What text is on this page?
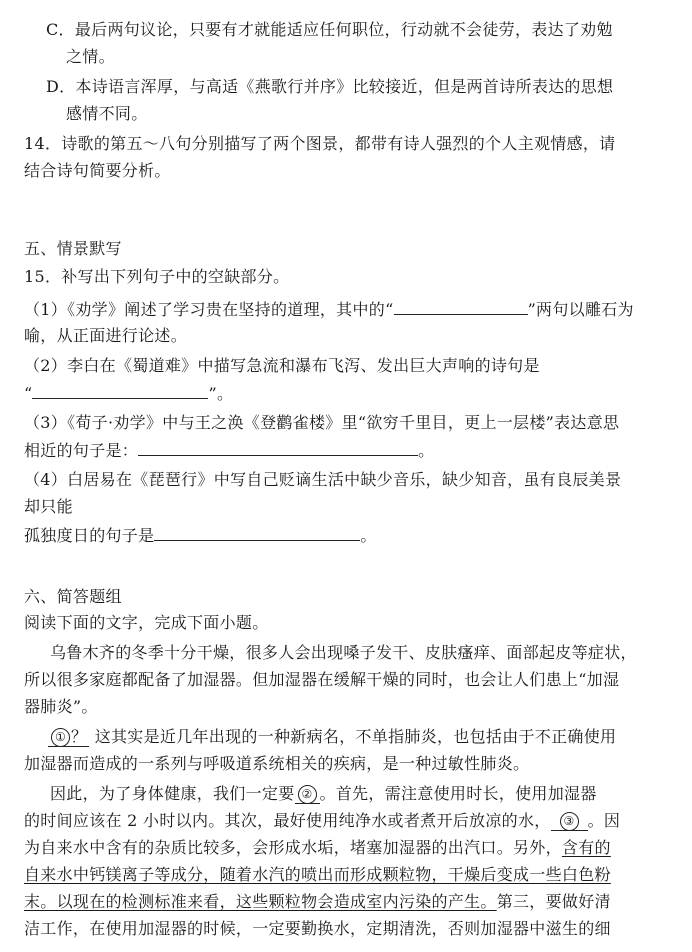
C．最后两句议论，只要有才就能适应任何职位，行动就不会徒劳，表达了劝勉
之情。
D．本诗语言浑厚，与高适《燕歌行并序》比较接近，但是两首诗所表达的思想
感情不同。
14．诗歌的第五～八句分别描写了两个图景，都带有诗人强烈的个人主观情感，请
结合诗句简要分析。
五、情景默写
15．补写出下列句子中的空缺部分。
（1）《劝学》阐述了学习贵在坚持的道理，其中的“	”两句以雕石为
喻，从正面进行论述。
（2）李白在《蜀道难》中描写急流和瀑布飞泻、发出巨大声响的诗句是
“	”。
（3）《荀子·劝学》中与王之涣《登鹳雀楼》里“欲穷千里目，更上一层楼”表达意思
相近的句子是：	。
（4）白居易在《琵琶行》中写自己贬谪生活中缺少音乐，缺少知音，虽有良辰美景
却只能
孤独度日的句子是	。
六、简答题组
阅读下面的文字，完成下面小题。
乌鲁木齐的冬季十分干燥，很多人会出现嗓子发干、皮肤瘙痒、面部起皮等症状，
所以很多家庭都配备了加湿器。但加湿器在缓解干燥的同时，也会让人们患上“加湿
器肺炎”。
① ？ 这其实是近几年出现的一种新病名，不单指肺炎，也包括由于不正确使用
加湿器而造成的一系列与呼吸道系统相关的疾病，是一种过敏性肺炎。
因此，为了身体健康，我们一定要 ② 。首先，需注意使用时长，使用加湿器
的时间应该在 2 小时以内。其次，最好使用纯净水或者煮开后放凉的水， ③ 。因
为自来水中含有的杂质比较多，会形成水垢，堵塞加湿器的出汽口。另外，含有的
自来水中钙镁离子等成分，随着水汽的喷出而形成颗粒物，干燥后变成一些白色粉
末。以现在的检测标准来看，这些颗粒物会造成室内污染的产生。第三，要做好清
洁工作，在使用加湿器的时候，一定要勤换水，定期清洗，否则加湿器中滋生的细
